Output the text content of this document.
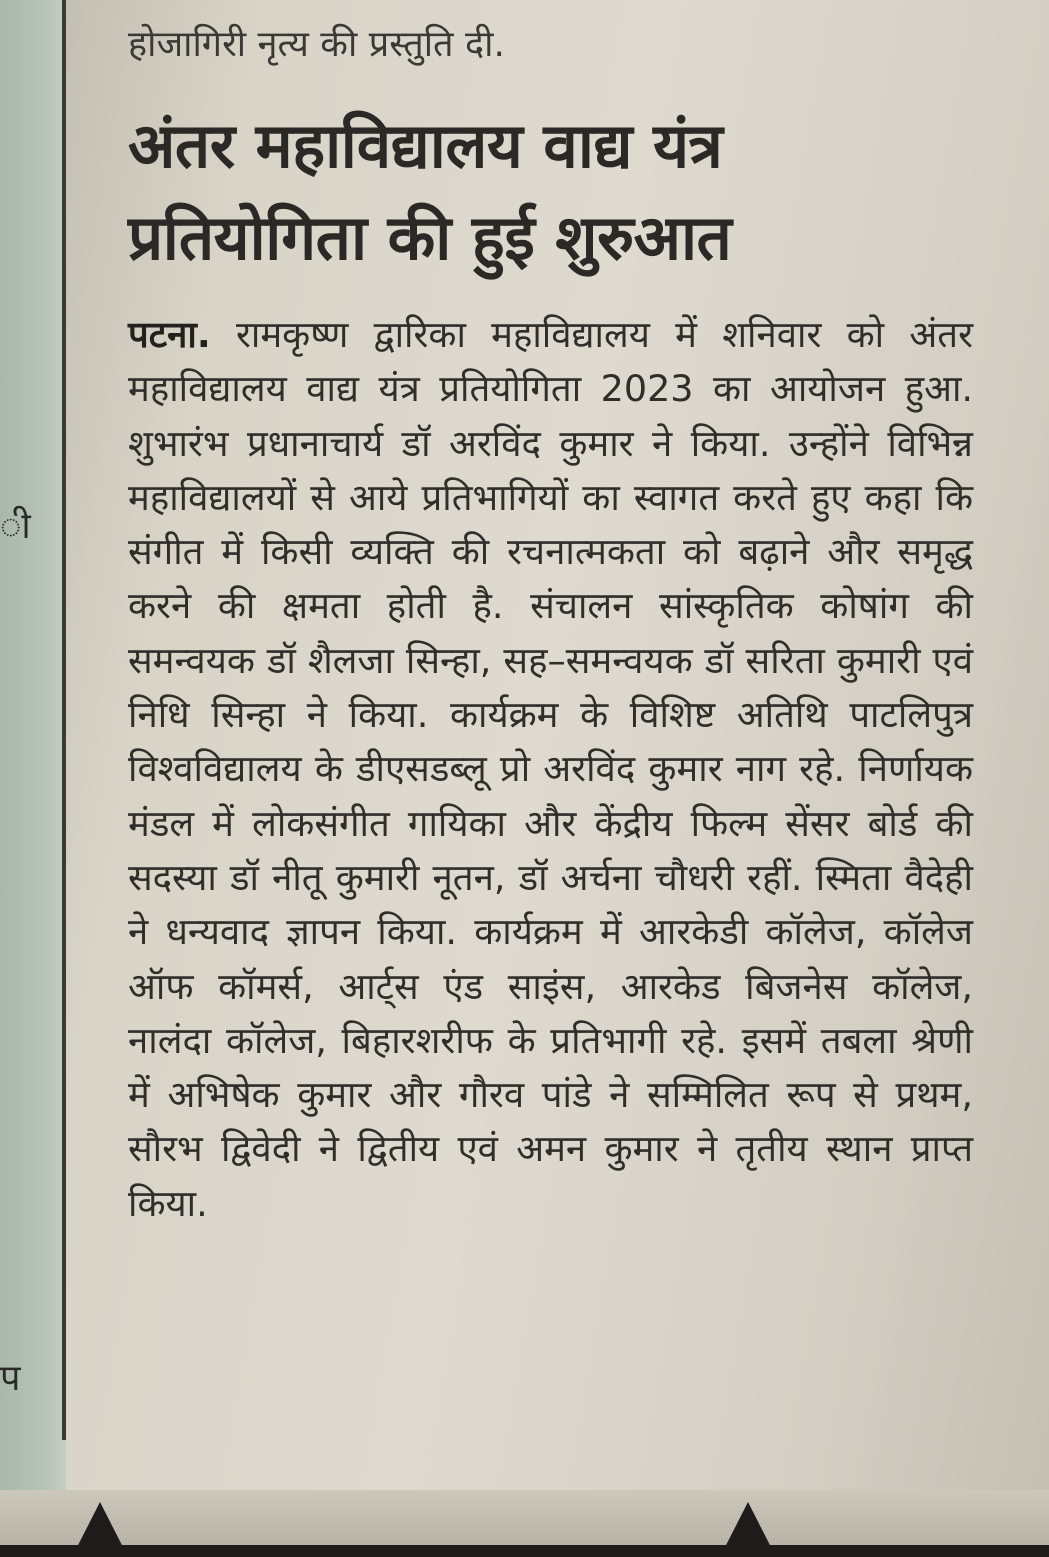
ी
प
होजागिरी नृत्य की प्रस्तुति दी.
अंतर महाविद्यालय वाद्य यंत्र प्रतियोगिता की हुई शुरुआत
पटना. रामकृष्ण द्वारिका महाविद्यालय में शनिवार को अंतर महाविद्यालय वाद्य यंत्र प्रतियोगिता 2023 का आयोजन हुआ. शुभारंभ प्रधानाचार्य डॉ अरविंद कुमार ने किया. उन्होंने विभिन्न महाविद्यालयों से आये प्रतिभागियों का स्वागत करते हुए कहा कि संगीत में किसी व्यक्ति की रचनात्मकता को बढ़ाने और समृद्ध करने की क्षमता होती है. संचालन सांस्कृतिक कोषांग की समन्वयक डॉ शैलजा सिन्हा, सह–समन्वयक डॉ सरिता कुमारी एवं निधि सिन्हा ने किया. कार्यक्रम के विशिष्ट अतिथि पाटलिपुत्र विश्वविद्यालय के डीएसडब्लू प्रो अरविंद कुमार नाग रहे. निर्णायक मंडल में लोकसंगीत गायिका और केंद्रीय फिल्म सेंसर बोर्ड की सदस्या डॉ नीतू कुमारी नूतन, डॉ अर्चना चौधरी रहीं. स्मिता वैदेही ने धन्यवाद ज्ञापन किया. कार्यक्रम में आरकेडी कॉलेज, कॉलेज ऑफ कॉमर्स, आर्ट्स एंड साइंस, आरकेड बिजनेस कॉलेज, नालंदा कॉलेज, बिहारशरीफ के प्रतिभागी रहे. इसमें तबला श्रेणी में अभिषेक कुमार और गौरव पांडे ने सम्मिलित रूप से प्रथम, सौरभ द्विवेदी ने द्वितीय एवं अमन कुमार ने तृतीय स्थान प्राप्त किया.
